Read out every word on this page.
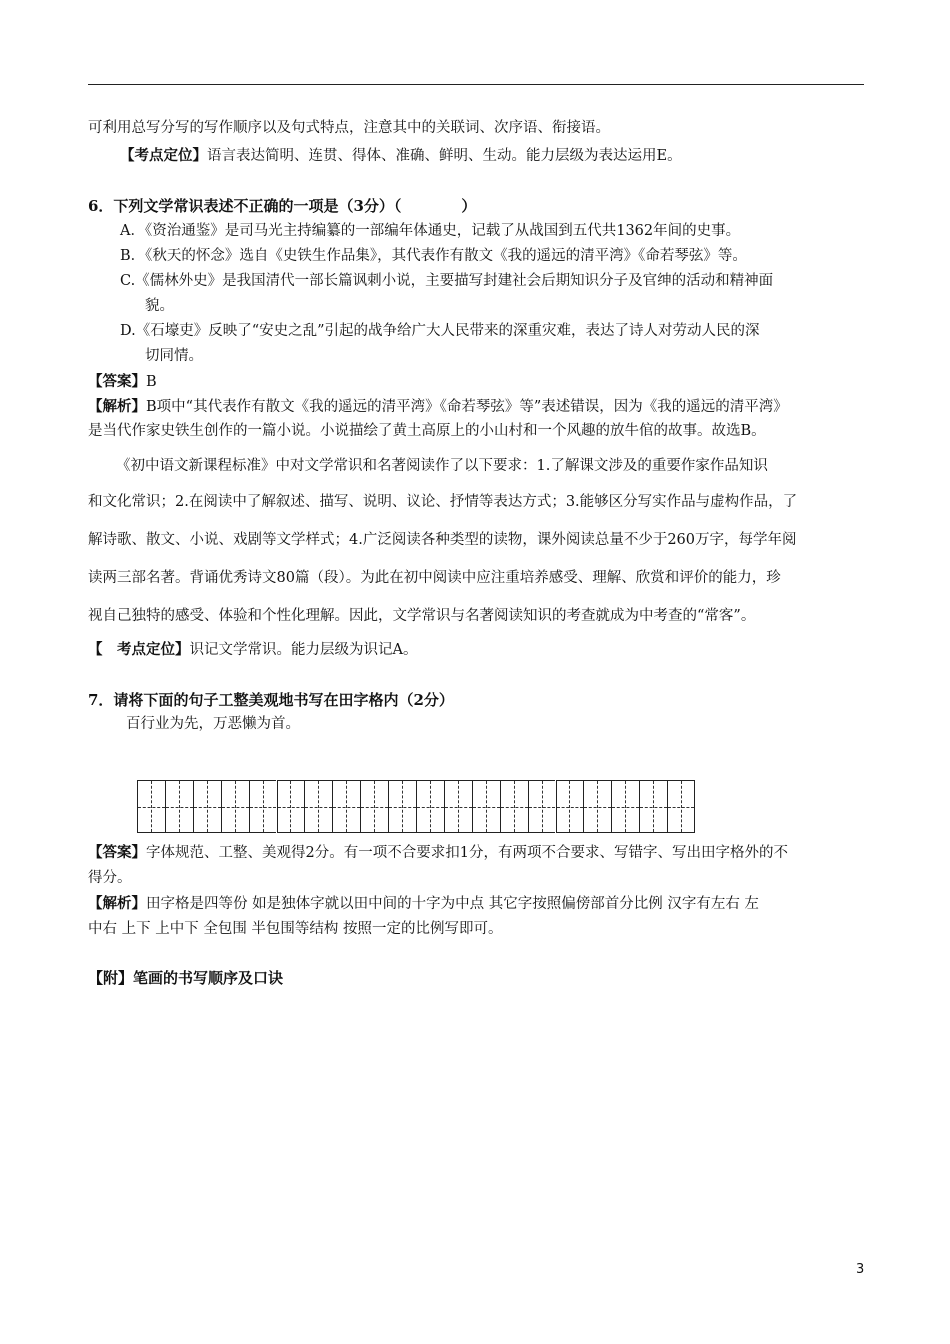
可利用总写分写的写作顺序以及句式特点，注意其中的关联词、次序语、衔接语。
【考点定位】语言表达简明、连贯、得体、准确、鲜明、生动。能力层级为表达运用E。
6．下列文学常识表述不正确的一项是（3分）（　　　　）
A．《资治通鉴》是司马光主持编纂的一部编年体通史，记载了从战国到五代共1362年间的史事。
B．《秋天的怀念》选自《史铁生作品集》，其代表作有散文《我的遥远的清平湾》《命若琴弦》等。
C.《儒林外史》是我国清代一部长篇讽刺小说，主要描写封建社会后期知识分子及官绅的活动和精神面
貌。
D.《石壕吏》反映了“安史之乱”引起的战争给广大人民带来的深重灾难，表达了诗人对劳动人民的深
切同情。
【答案】B
【解析】B项中“其代表作有散文《我的遥远的清平湾》《命若琴弦》等”表述错误，因为《我的遥远的清平湾》
是当代作家史铁生创作的一篇小说。小说描绘了黄土高原上的小山村和一个风趣的放牛倌的故事。故选B。
《初中语文新课程标准》中对文学常识和名著阅读作了以下要求：1.了解课文涉及的重要作家作品知识
和文化常识；2.在阅读中了解叙述、描写、说明、议论、抒情等表达方式；3.能够区分写实作品与虚构作品，了
解诗歌、散文、小说、戏剧等文学样式；4.广泛阅读各种类型的读物，课外阅读总量不少于260万字，每学年阅
读两三部名著。背诵优秀诗文80篇（段）。为此在初中阅读中应注重培养感受、理解、欣赏和评价的能力，珍
视自己独特的感受、体验和个性化理解。因此，文学常识与名著阅读知识的考查就成为中考查的“常客”。
【　考点定位】识记文学常识。能力层级为识记A。
7．请将下面的句子工整美观地书写在田字格内（2分）
百行业为先，万恶懒为首。
【答案】字体规范、工整、美观得2分。有一项不合要求扣1分，有两项不合要求、写错字、写出田字格外的不
得分。
【解析】田字格是四等份 如是独体字就以田中间的十字为中点 其它字按照偏傍部首分比例 汉字有左右 左
中右 上下 上中下 全包围 半包围等结构 按照一定的比例写即可。
【附】笔画的书写顺序及口诀
3
